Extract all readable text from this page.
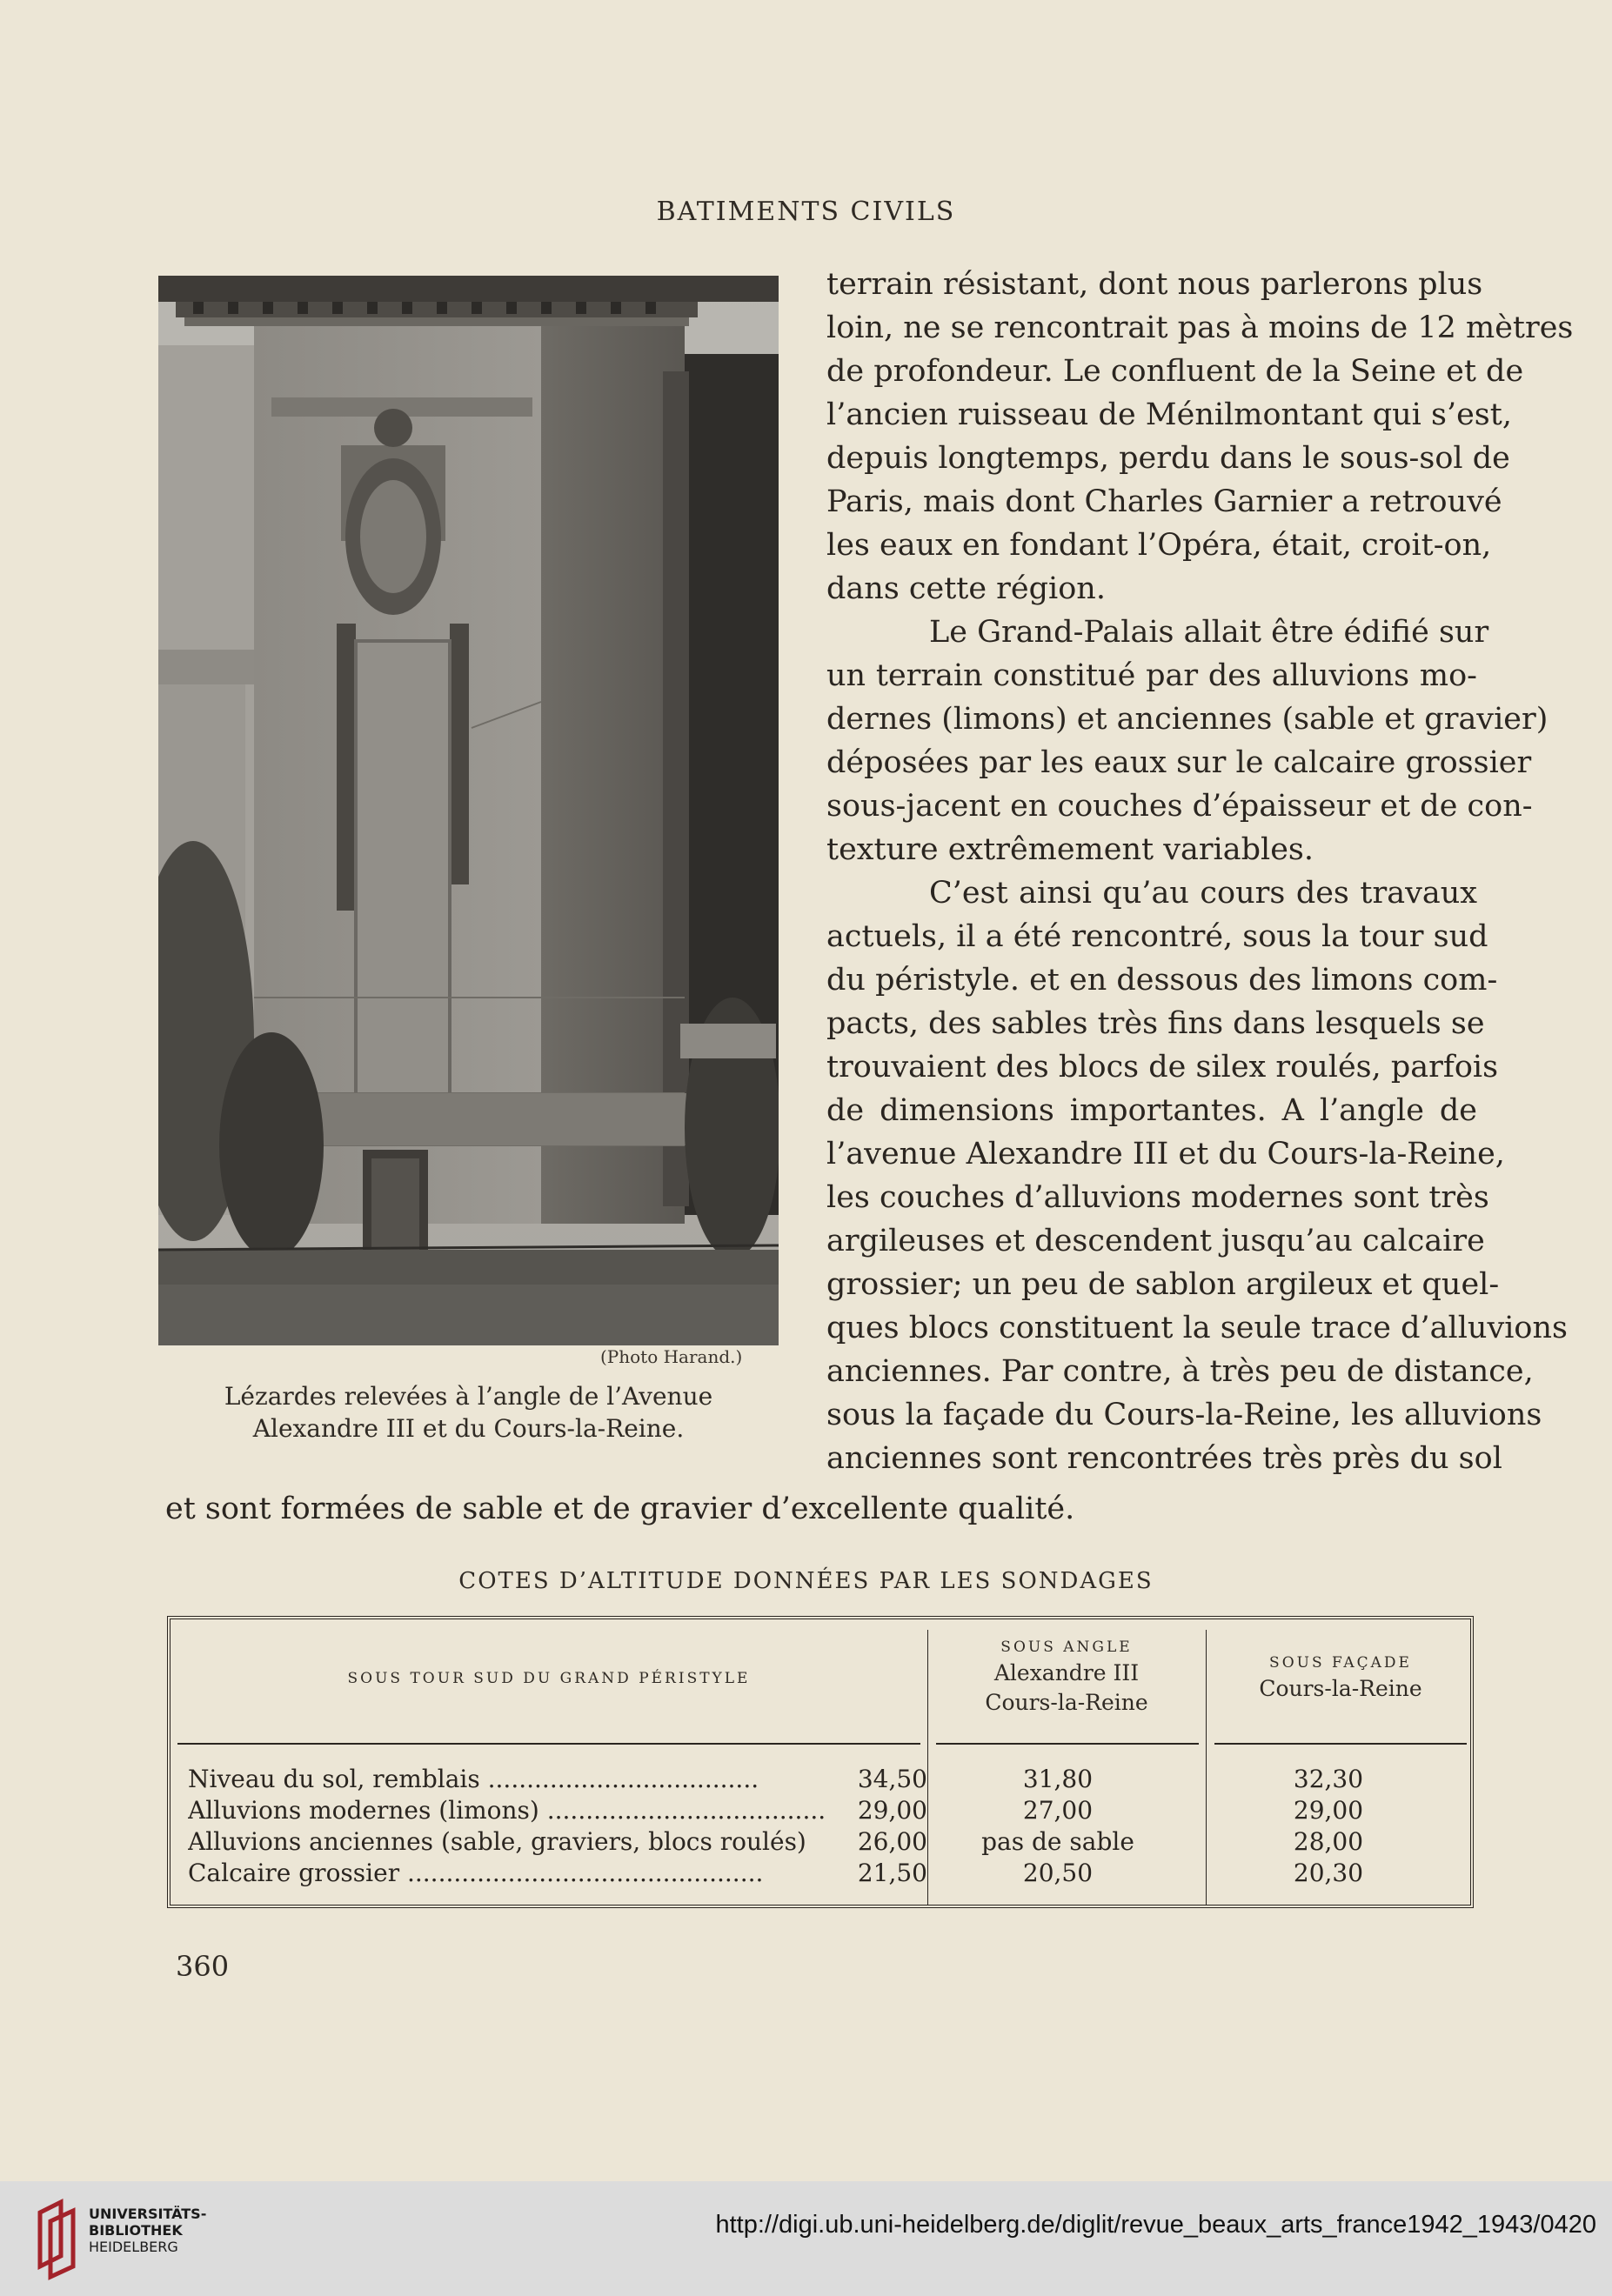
BATIMENTS CIVILS
(Photo Harand.)
Lézardes relevées à l’angle de l’Avenue
Alexandre III et du Cours-la-Reine.
terrain résistant, dont nous parlerons plus
loin, ne se rencontrait pas à moins de 12 mètres
de profondeur. Le confluent de la Seine et de
l’ancien ruisseau de Ménilmontant qui s’est,
depuis longtemps, perdu dans le sous-sol de
Paris, mais dont Charles Garnier a retrouvé
les eaux en fondant l’Opéra, était, croit-on,
dans cette région.
Le Grand-Palais allait être édifié sur
un terrain constitué par des alluvions mo-
dernes (limons) et anciennes (sable et gravier)
déposées par les eaux sur le calcaire grossier
sous-jacent en couches d’épaisseur et de con-
texture extrêmement variables.
C’est ainsi qu’au cours des travaux
actuels, il a été rencontré, sous la tour sud
du péristyle. et en dessous des limons com-
pacts, des sables très fins dans lesquels se
trouvaient des blocs de silex roulés, parfois
de dimensions importantes. A l’angle de
l’avenue Alexandre III et du Cours-la-Reine,
les couches d’alluvions modernes sont très
argileuses et descendent jusqu’au calcaire
grossier; un peu de sablon argileux et quel-
ques blocs constituent la seule trace d’alluvions
anciennes. Par contre, à très peu de distance,
sous la façade du Cours-la-Reine, les alluvions
anciennes sont rencontrées très près du sol
et sont formées de sable et de gravier d’excellente qualité.
COTES D’ALTITUDE DONNÉES PAR LES SONDAGES
SOUS TOUR SUD DU GRAND PÉRISTYLE
SOUS ANGLE
Alexandre III
Cours-la-Reine
SOUS FAÇADE
Cours-la-Reine
Niveau du sol, remblais ...................................	34,50	31,80	32,30
Alluvions modernes (limons) ....................................	29,00	27,00	29,00
Alluvions anciennes (sable, graviers, blocs roulés)	26,00	pas de sable	28,00
Calcaire grossier ..............................................	21,50	20,50	20,30
360
UNIVERSITÄTS-
BIBLIOTHEK
HEIDELBERG
http://digi.ub.uni-heidelberg.de/diglit/revue_beaux_arts_france1942_1943/0420
